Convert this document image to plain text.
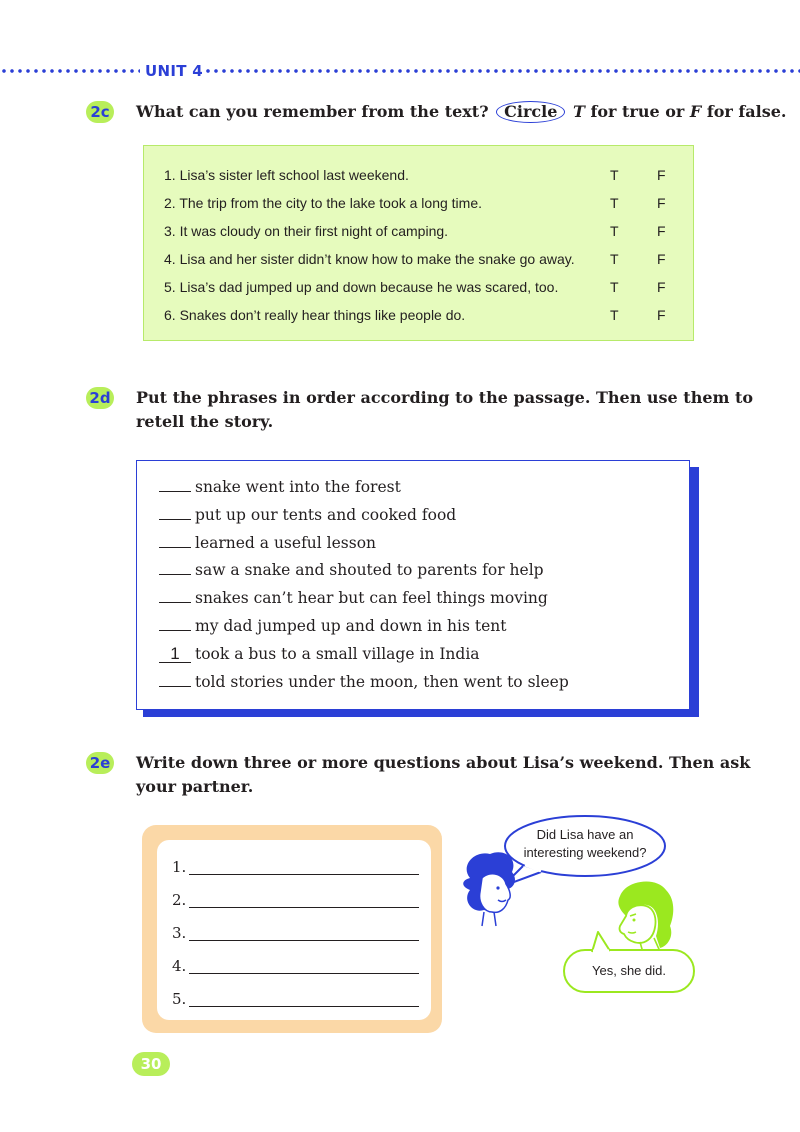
UNIT 4
2c What can you remember from the text? Circle T for true or F for false.
1. Lisa’s sister left school last weekend.	T	F
2. The trip from the city to the lake took a long time.	T	F
3. It was cloudy on their first night of camping.	T	F
4. Lisa and her sister didn’t know how to make the snake go away.	T	F
5. Lisa’s dad jumped up and down because he was scared, too.	T	F
6. Snakes don’t really hear things like people do.	T	F
2d Put the phrases in order according to the passage. Then use them to
retell the story.
snake went into the forest
put up our tents and cooked food
learned a useful lesson
saw a snake and shouted to parents for help
snakes can’t hear but can feel things moving
my dad jumped up and down in his tent
1 took a bus to a small village in India
told stories under the moon, then went to sleep
2e Write down three or more questions about Lisa’s weekend. Then ask
your partner.
1.
2.
3.
4.
5.
Did Lisa have an
interesting weekend?
Yes, she did.
30
